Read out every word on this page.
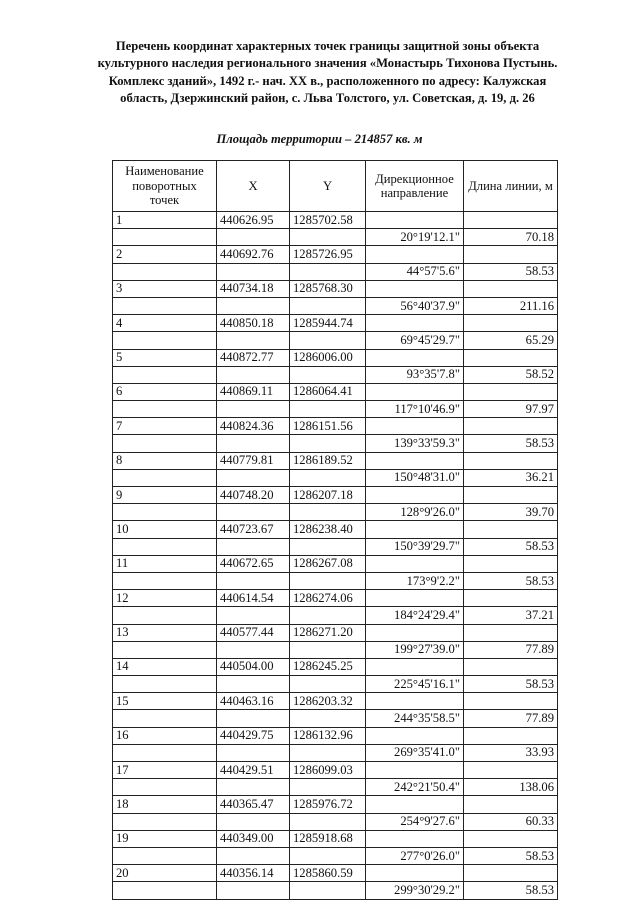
Перечень координат характерных точек границы защитной зоны объекта
культурного наследия регионального значения «Монастырь Тихонова Пустынь.
Комплекс зданий», 1492 г.- нач. XX в., расположенного по адресу: Калужская
область, Дзержинский район, с. Льва Толстого, ул. Советская, д. 19, д. 26
Площадь территории – 214857 кв. м
Наименование поворотных точек	X	Y	Дирекционное направление	Длина линии, м
1	440626.95	1285702.58		
			20°19'12.1"	70.18
2	440692.76	1285726.95		
			44°57'5.6"	58.53
3	440734.18	1285768.30		
			56°40'37.9"	211.16
4	440850.18	1285944.74		
			69°45'29.7"	65.29
5	440872.77	1286006.00		
			93°35'7.8"	58.52
6	440869.11	1286064.41		
			117°10'46.9"	97.97
7	440824.36	1286151.56		
			139°33'59.3"	58.53
8	440779.81	1286189.52		
			150°48'31.0"	36.21
9	440748.20	1286207.18		
			128°9'26.0"	39.70
10	440723.67	1286238.40		
			150°39'29.7"	58.53
11	440672.65	1286267.08		
			173°9'2.2"	58.53
12	440614.54	1286274.06		
			184°24'29.4"	37.21
13	440577.44	1286271.20		
			199°27'39.0"	77.89
14	440504.00	1286245.25		
			225°45'16.1"	58.53
15	440463.16	1286203.32		
			244°35'58.5"	77.89
16	440429.75	1286132.96		
			269°35'41.0"	33.93
17	440429.51	1286099.03		
			242°21'50.4"	138.06
18	440365.47	1285976.72		
			254°9'27.6"	60.33
19	440349.00	1285918.68		
			277°0'26.0"	58.53
20	440356.14	1285860.59		
			299°30'29.2"	58.53
